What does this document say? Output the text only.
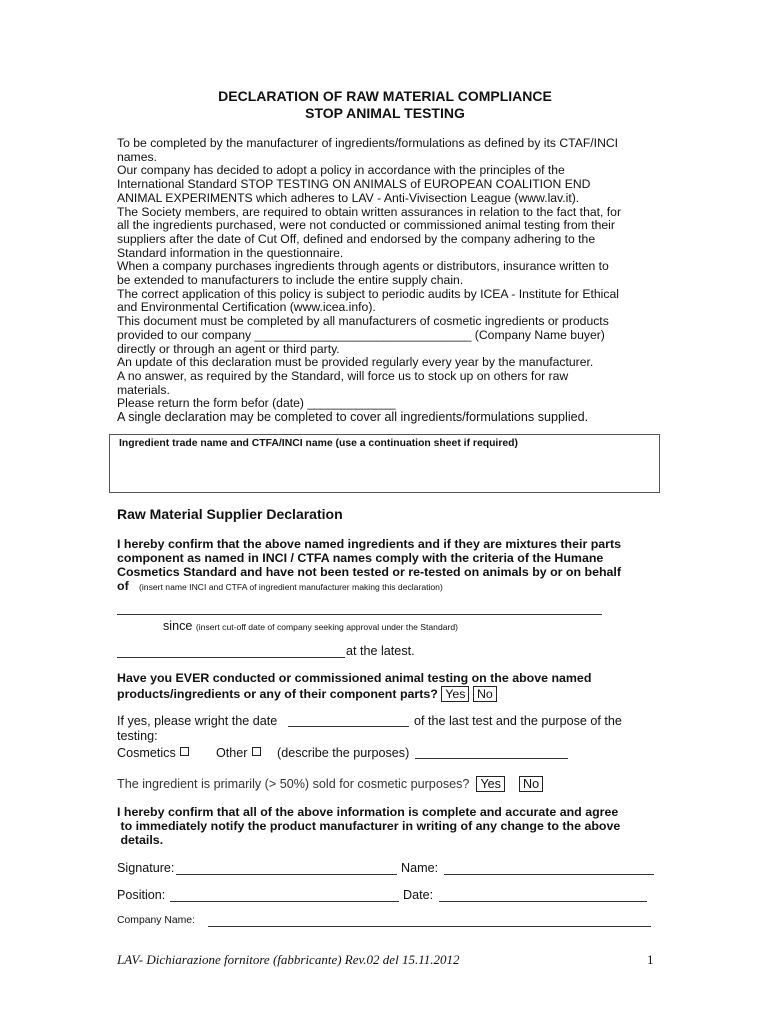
DECLARATION OF RAW MATERIAL COMPLIANCE
STOP ANIMAL TESTING
To be completed by the manufacturer of ingredients/formulations as defined by its CTAF/INCI
names.
Our company has decided to adopt a policy in accordance with the principles of the
International Standard STOP TESTING ON ANIMALS of EUROPEAN COALITION END
ANIMAL EXPERIMENTS which adheres to LAV - Anti-Vivisection League (www.lav.it).
The Society members, are required to obtain written assurances in relation to the fact that, for
all the ingredients purchased, were not conducted or commissioned animal testing from their
suppliers after the date of Cut Off, defined and endorsed by the company adhering to the
Standard information in the questionnaire.
When a company purchases ingredients through agents or distributors, insurance written to
be extended to manufacturers to include the entire supply chain.
The correct application of this policy is subject to periodic audits by ICEA - Institute for Ethical
and Environmental Certification (www.icea.info).
This document must be completed by all manufacturers of cosmetic ingredients or products
provided to our company ________________________________ (Company Name buyer)
directly or through an agent or third party.
An update of this declaration must be provided regularly every year by the manufacturer.
A no answer, as required by the Standard, will force us to stock up on others for raw
materials.
Please return the form befor (date) _____________
A single declaration may be completed to cover all ingredients/formulations supplied.
Ingredient trade name and CTFA/INCI name (use a continuation sheet if required)
Raw Material Supplier Declaration
I hereby confirm that the above named ingredients and if they are mixtures their parts
component as named in INCI / CTFA names comply with the criteria of the Humane
Cosmetics Standard and have not been tested or re-tested on animals by or on behalf
of (insert name INCI and CTFA of ingredient manufacturer making this declaration)
since (insert cut-off date of company seeking approval under the Standard)
at the latest.
Have you EVER conducted or commissioned animal testing on the above named
products/ingredients or any of their component parts? Yes No
If yes, please wright the date	of the last test and the purpose of the
testing:
Cosmetics	Other	(describe the purposes)
The ingredient is primarily (> 50%) sold for cosmetic purposes? Yes No
I hereby confirm that all of the above information is complete and accurate and agree
to immediately notify the product manufacturer in writing of any change to the above
details.
Signature:	Name:
Position:	Date:
Company Name:
LAV- Dichiarazione fornitore (fabbricante) Rev.02 del 15.11.2012	1
